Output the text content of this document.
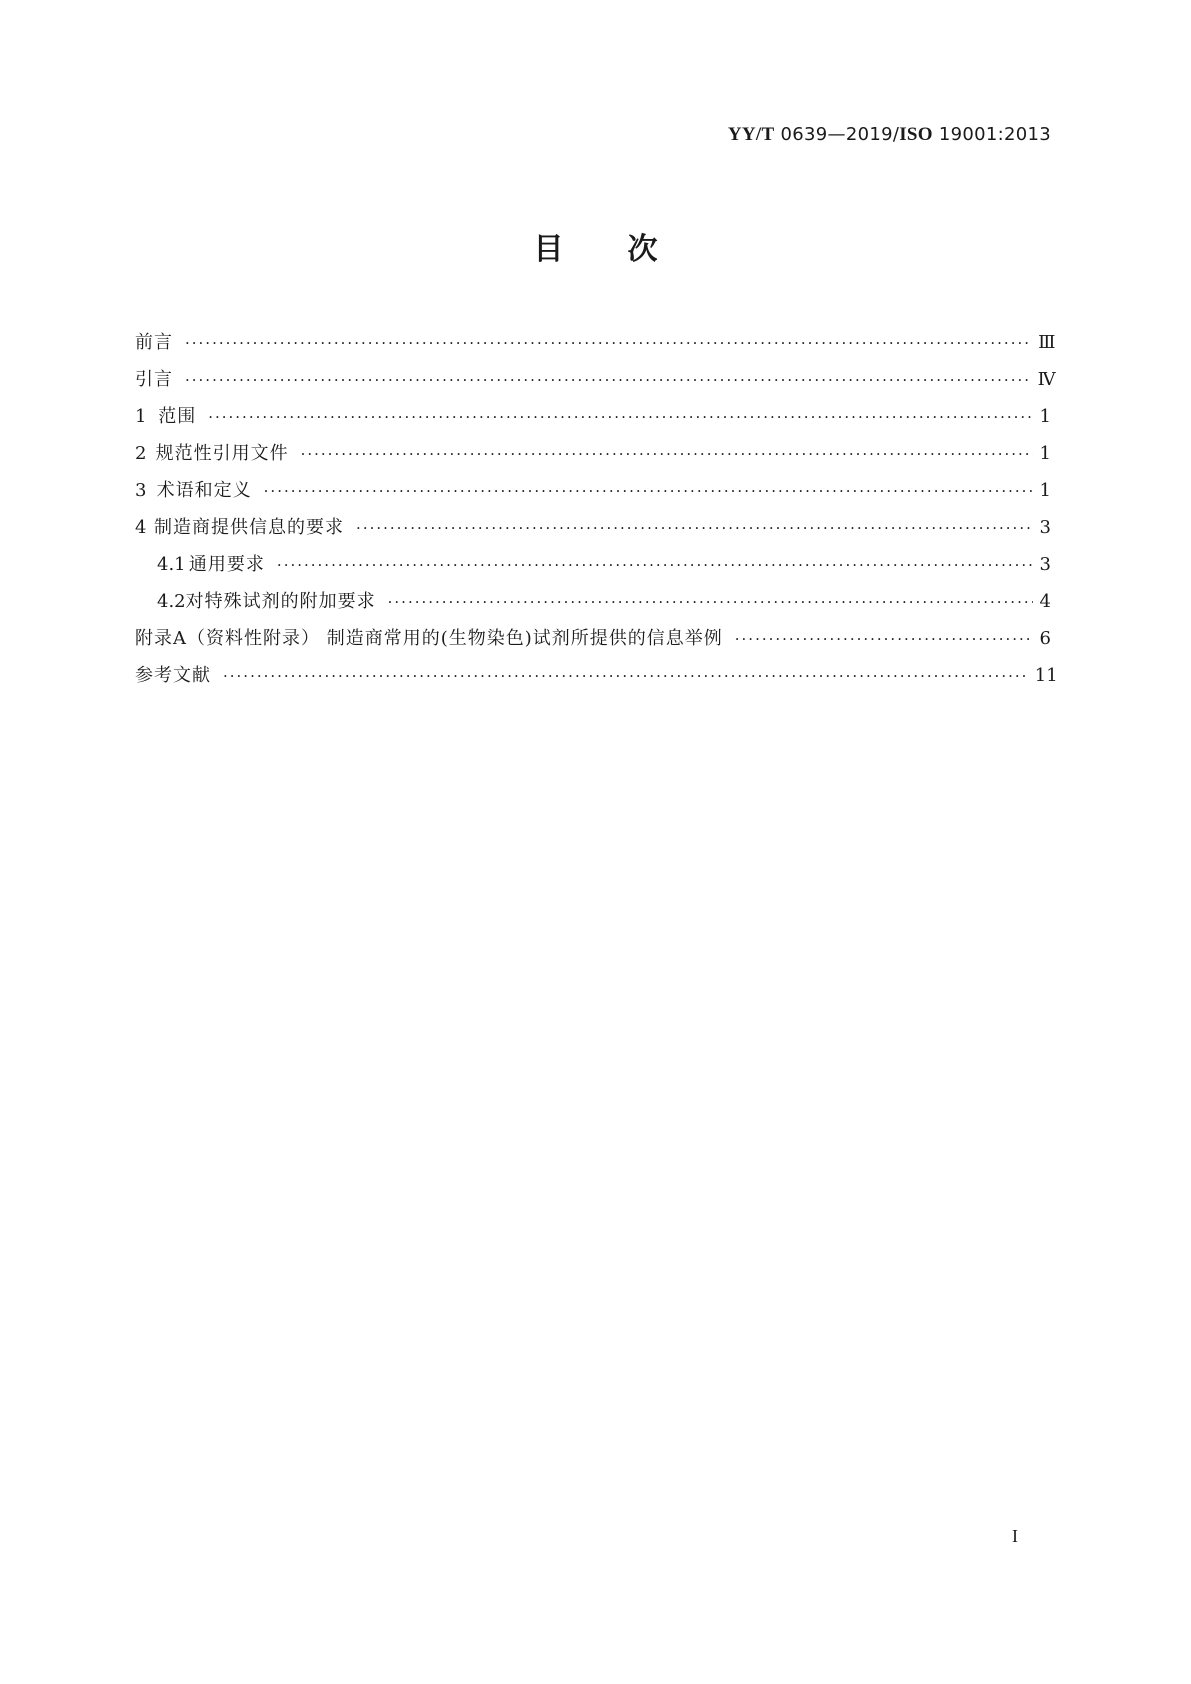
YY/T 0639—2019/ISO 19001:2013
目 次
前言 ·····	Ⅲ
引言 ·····	Ⅳ
1 范围 ·····	1
2 规范性引用文件 ·····	1
3 术语和定义 ·····	1
4 制造商提供信息的要求 ·····	3
4.1 通用要求 ·····	3
4.2 对特殊试剂的附加要求 ·····	4
附录A（资料性附录） 制造商常用的(生物染色)试剂所提供的信息举例 ·····	6
参考文献 ·····	11
I
